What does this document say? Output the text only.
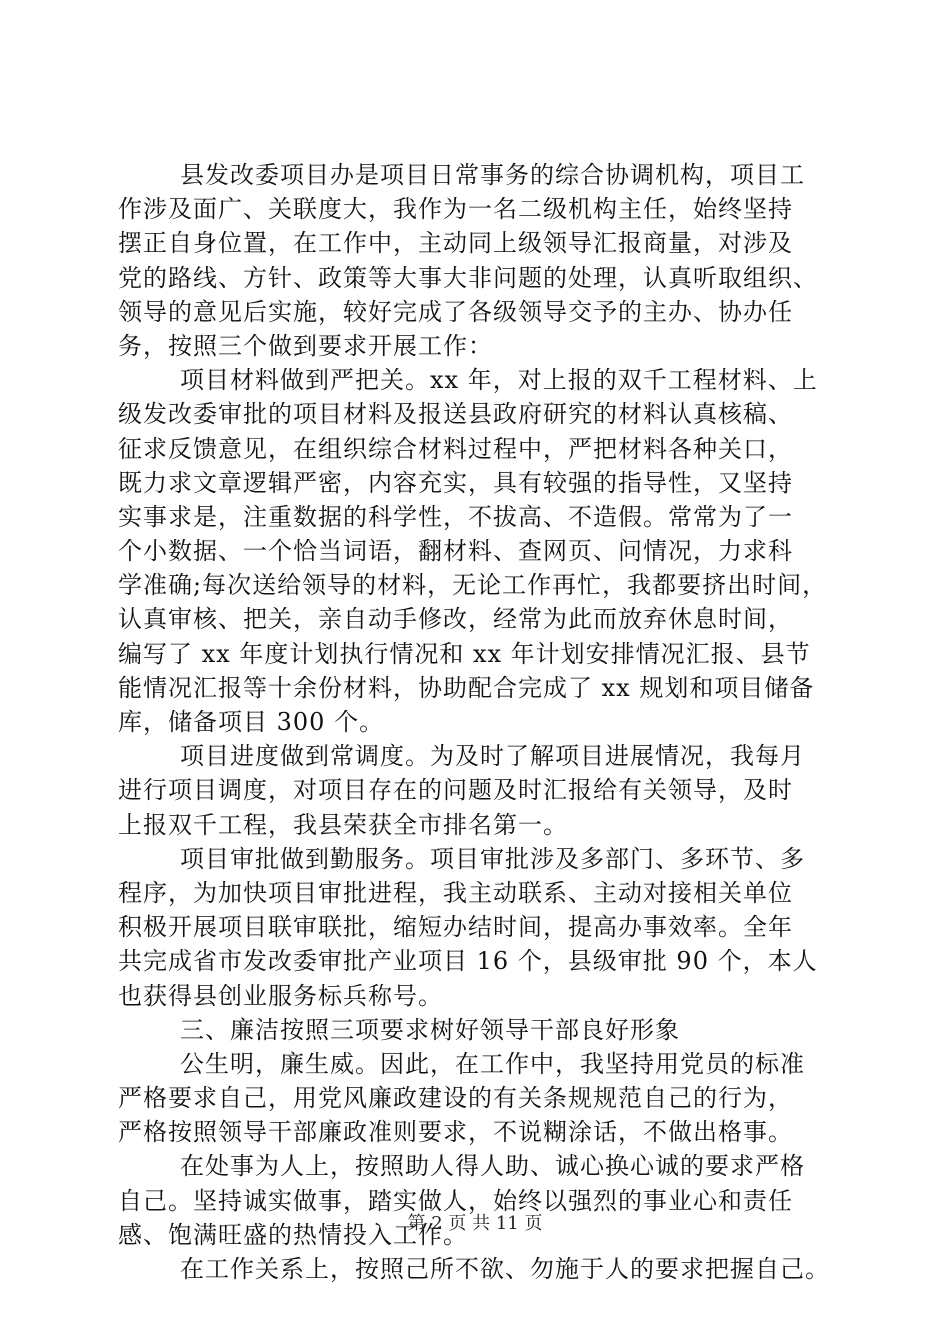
县发改委项目办是项目日常事务的综合协调机构，项目工
作涉及面广、关联度大，我作为一名二级机构主任，始终坚持
摆正自身位置，在工作中，主动同上级领导汇报商量，对涉及
党的路线、方针、政策等大事大非问题的处理，认真听取组织、
领导的意见后实施，较好完成了各级领导交予的主办、协办任
务，按照三个做到要求开展工作：
项目材料做到严把关。xx 年，对上报的双千工程材料、上
级发改委审批的项目材料及报送县政府研究的材料认真核稿、
征求反馈意见，在组织综合材料过程中，严把材料各种关口，
既力求文章逻辑严密，内容充实，具有较强的指导性，又坚持
实事求是，注重数据的科学性，不拔高、不造假。常常为了一
个小数据、一个恰当词语，翻材料、查网页、问情况，力求科
学准确;每次送给领导的材料，无论工作再忙，我都要挤出时间，
认真审核、把关，亲自动手修改，经常为此而放弃休息时间，
编写了 xx 年度计划执行情况和 xx 年计划安排情况汇报、县节
能情况汇报等十余份材料，协助配合完成了 xx 规划和项目储备
库，储备项目 300 个。
项目进度做到常调度。为及时了解项目进展情况，我每月
进行项目调度，对项目存在的问题及时汇报给有关领导，及时
上报双千工程，我县荣获全市排名第一。
项目审批做到勤服务。项目审批涉及多部门、多环节、多
程序，为加快项目审批进程，我主动联系、主动对接相关单位
积极开展项目联审联批，缩短办结时间，提高办事效率。全年
共完成省市发改委审批产业项目 16 个，县级审批 90 个，本人
也获得县创业服务标兵称号。
三、廉洁按照三项要求树好领导干部良好形象
公生明，廉生威。因此，在工作中，我坚持用党员的标准
严格要求自己，用党风廉政建设的有关条规规范自己的行为，
严格按照领导干部廉政准则要求，不说糊涂话，不做出格事。
在处事为人上，按照助人得人助、诚心换心诚的要求严格
自己。坚持诚实做事，踏实做人，始终以强烈的事业心和责任
感、饱满旺盛的热情投入工作。
在工作关系上，按照己所不欲、勿施于人的要求把握自己。
第 2 页 共 11 页
